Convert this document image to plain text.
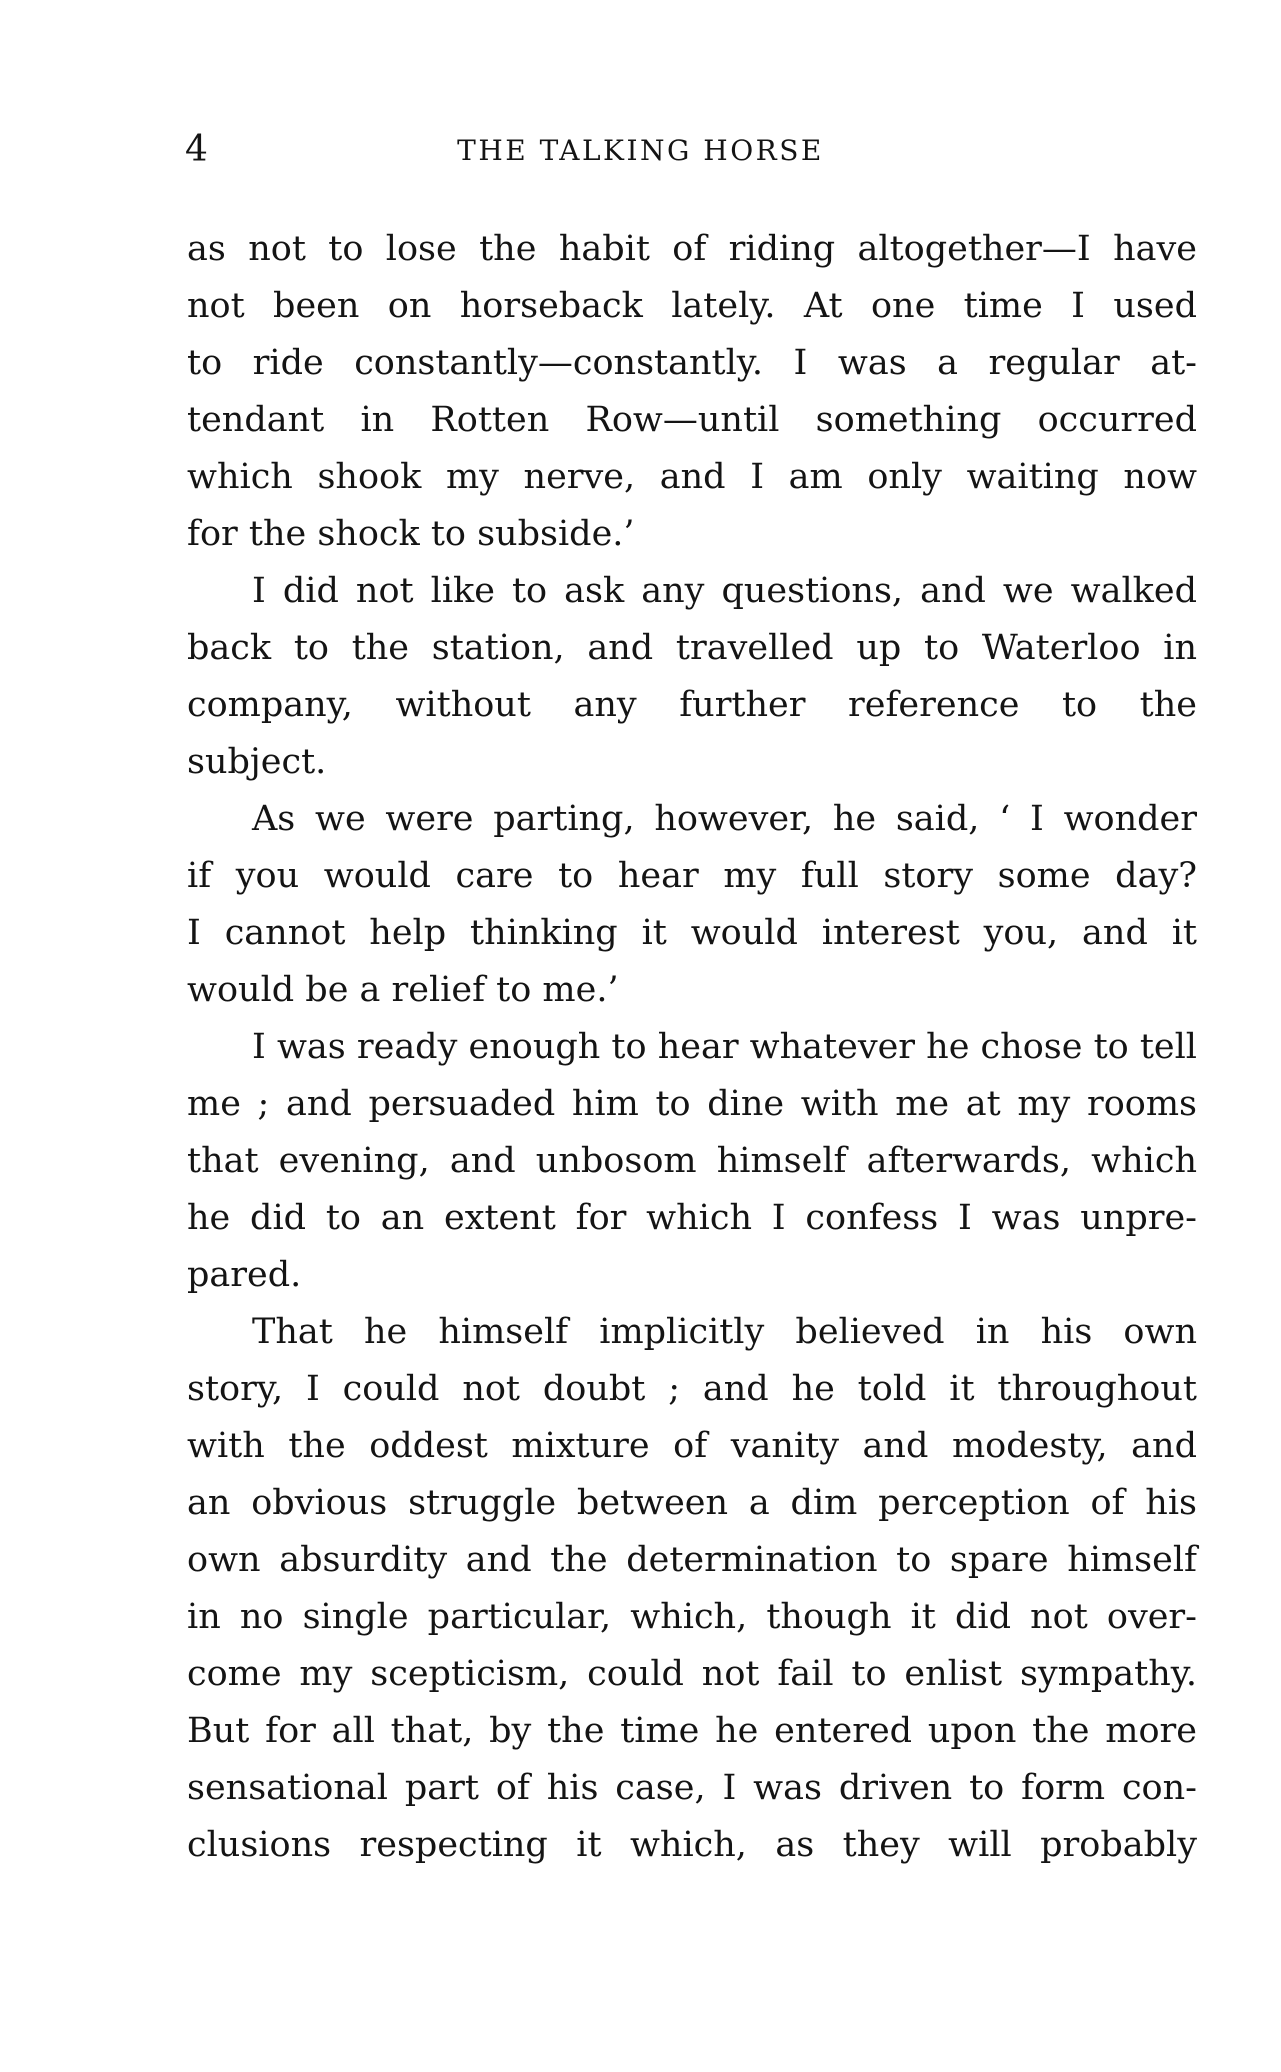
4	THE TALKING HORSE
as not to lose the habit of riding altogether—I have
not been on horseback lately. At one time I used
to ride constantly—constantly. I was a regular at-
tendant in Rotten Row—until something occurred
which shook my nerve, and I am only waiting now
for the shock to subside.’
I did not like to ask any questions, and we walked
back to the station, and travelled up to Waterloo in
company, without any further reference to the
subject.
As we were parting, however, he said, ‘ I wonder
if you would care to hear my full story some day?
I cannot help thinking it would interest you, and it
would be a relief to me.’
I was ready enough to hear whatever he chose to tell
me ; and persuaded him to dine with me at my rooms
that evening, and unbosom himself afterwards, which
he did to an extent for which I confess I was unpre-
pared.
That he himself implicitly believed in his own
story, I could not doubt ; and he told it throughout
with the oddest mixture of vanity and modesty, and
an obvious struggle between a dim perception of his
own absurdity and the determination to spare himself
in no single particular, which, though it did not over-
come my scepticism, could not fail to enlist sympathy.
But for all that, by the time he entered upon the more
sensational part of his case, I was driven to form con-
clusions respecting it which, as they will probably
